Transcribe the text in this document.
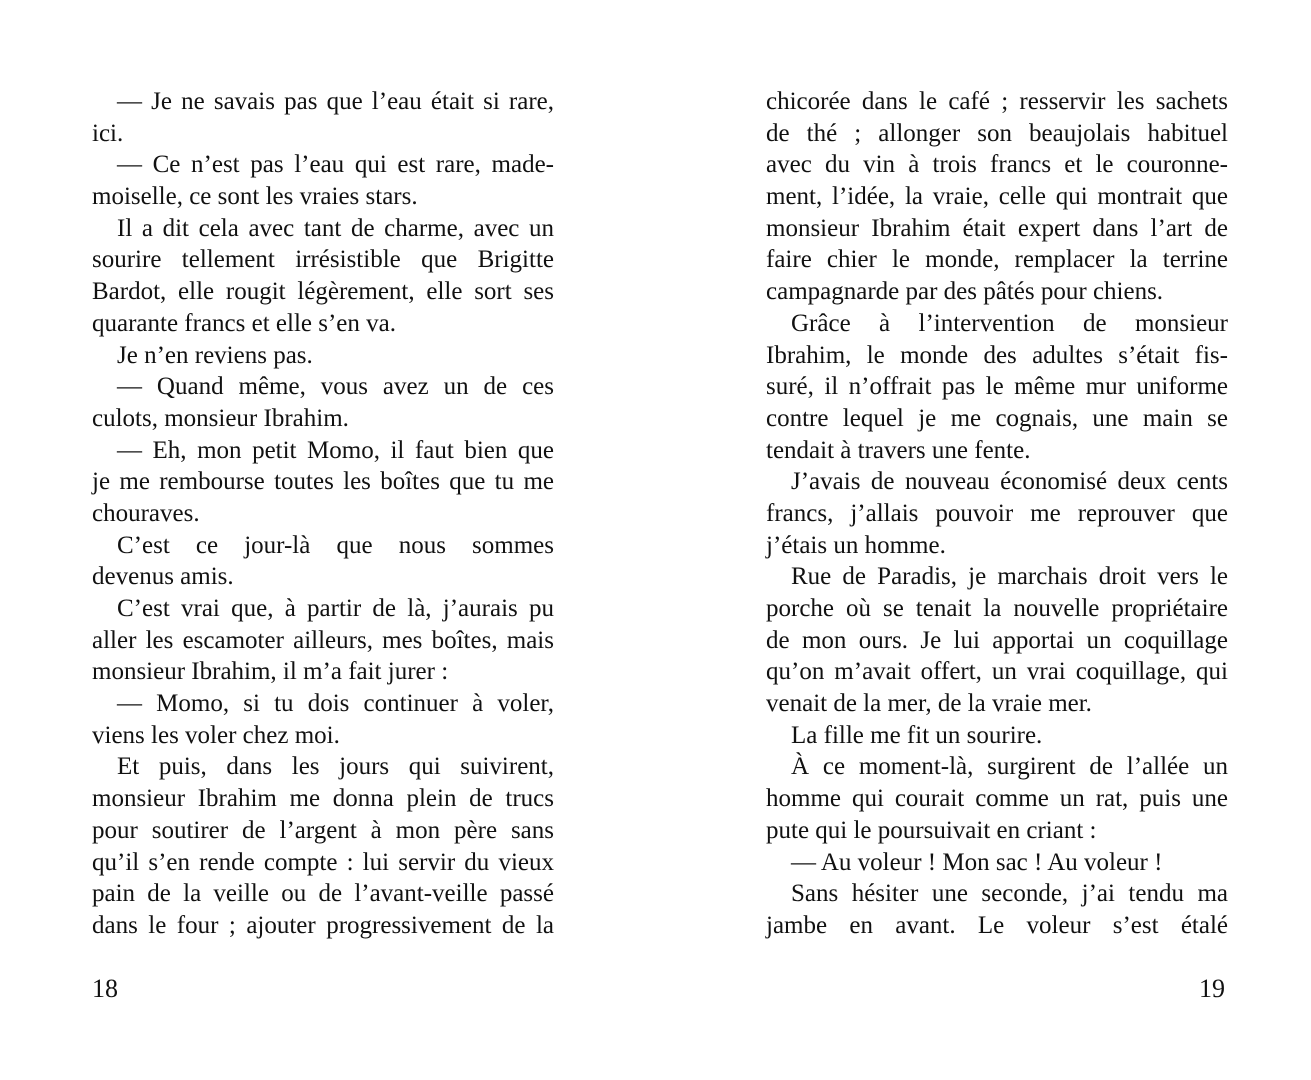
— Je ne savais pas que l’eau était si rare,
ici.
— Ce n’est pas l’eau qui est rare, made-
moiselle, ce sont les vraies stars.
Il a dit cela avec tant de charme, avec un
sourire tellement irrésistible que Brigitte
Bardot, elle rougit légèrement, elle sort ses
quarante francs et elle s’en va.
Je n’en reviens pas.
— Quand même, vous avez un de ces
culots, monsieur Ibrahim.
— Eh, mon petit Momo, il faut bien que
je me rembourse toutes les boîtes que tu me
chouraves.
C’est ce jour-là que nous sommes
devenus amis.
C’est vrai que, à partir de là, j’aurais pu
aller les escamoter ailleurs, mes boîtes, mais
monsieur Ibrahim, il m’a fait jurer :
— Momo, si tu dois continuer à voler,
viens les voler chez moi.
Et puis, dans les jours qui suivirent,
monsieur Ibrahim me donna plein de trucs
pour soutirer de l’argent à mon père sans
qu’il s’en rende compte : lui servir du vieux
pain de la veille ou de l’avant-veille passé
dans le four ; ajouter progressivement de la
18
chicorée dans le café ; resservir les sachets
de thé ; allonger son beaujolais habituel
avec du vin à trois francs et le couronne-
ment, l’idée, la vraie, celle qui montrait que
monsieur Ibrahim était expert dans l’art de
faire chier le monde, remplacer la terrine
campagnarde par des pâtés pour chiens.
Grâce à l’intervention de monsieur
Ibrahim, le monde des adultes s’était fis-
suré, il n’offrait pas le même mur uniforme
contre lequel je me cognais, une main se
tendait à travers une fente.
J’avais de nouveau économisé deux cents
francs, j’allais pouvoir me reprouver que
j’étais un homme.
Rue de Paradis, je marchais droit vers le
porche où se tenait la nouvelle propriétaire
de mon ours. Je lui apportai un coquillage
qu’on m’avait offert, un vrai coquillage, qui
venait de la mer, de la vraie mer.
La fille me fit un sourire.
À ce moment-là, surgirent de l’allée un
homme qui courait comme un rat, puis une
pute qui le poursuivait en criant :
— Au voleur ! Mon sac ! Au voleur !
Sans hésiter une seconde, j’ai tendu ma
jambe en avant. Le voleur s’est étalé
19
